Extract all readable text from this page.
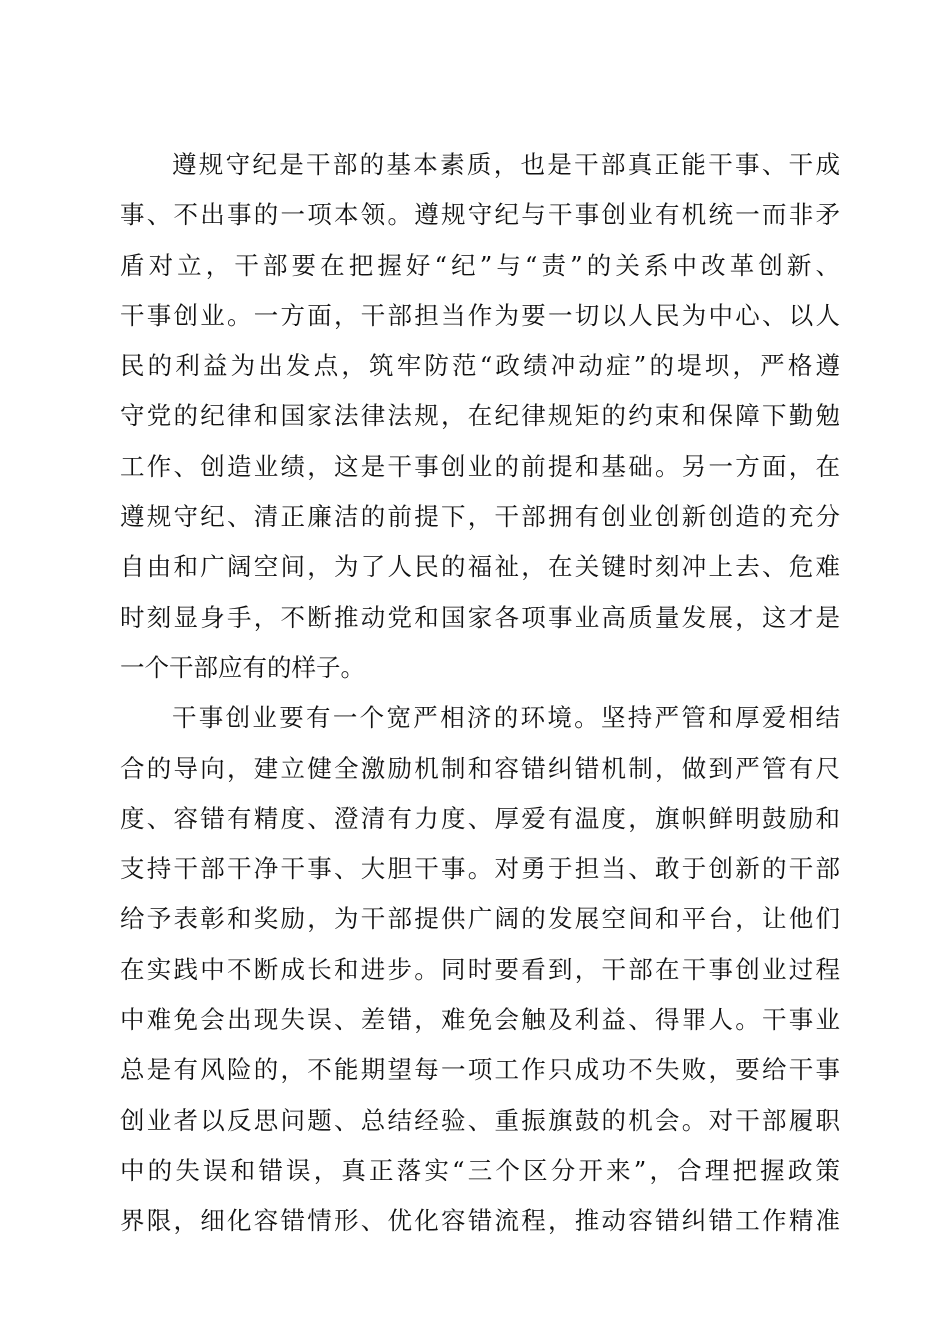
遵规守纪是干部的基本素质，也是干部真正能干事、干成
事、不出事的一项本领。遵规守纪与干事创业有机统一而非矛
盾对立，干部要在把握好“纪”与“责”的关系中改革创新、
干事创业。一方面，干部担当作为要一切以人民为中心、以人
民的利益为出发点，筑牢防范“政绩冲动症”的堤坝，严格遵
守党的纪律和国家法律法规，在纪律规矩的约束和保障下勤勉
工作、创造业绩，这是干事创业的前提和基础。另一方面，在
遵规守纪、清正廉洁的前提下，干部拥有创业创新创造的充分
自由和广阔空间，为了人民的福祉，在关键时刻冲上去、危难
时刻显身手，不断推动党和国家各项事业高质量发展，这才是
一个干部应有的样子。
干事创业要有一个宽严相济的环境。坚持严管和厚爱相结
合的导向，建立健全激励机制和容错纠错机制，做到严管有尺
度、容错有精度、澄清有力度、厚爱有温度，旗帜鲜明鼓励和
支持干部干净干事、大胆干事。对勇于担当、敢于创新的干部
给予表彰和奖励，为干部提供广阔的发展空间和平台，让他们
在实践中不断成长和进步。同时要看到，干部在干事创业过程
中难免会出现失误、差错，难免会触及利益、得罪人。干事业
总是有风险的，不能期望每一项工作只成功不失败，要给干事
创业者以反思问题、总结经验、重振旗鼓的机会。对干部履职
中的失误和错误，真正落实“三个区分开来”，合理把握政策
界限，细化容错情形、优化容错流程，推动容错纠错工作精准
